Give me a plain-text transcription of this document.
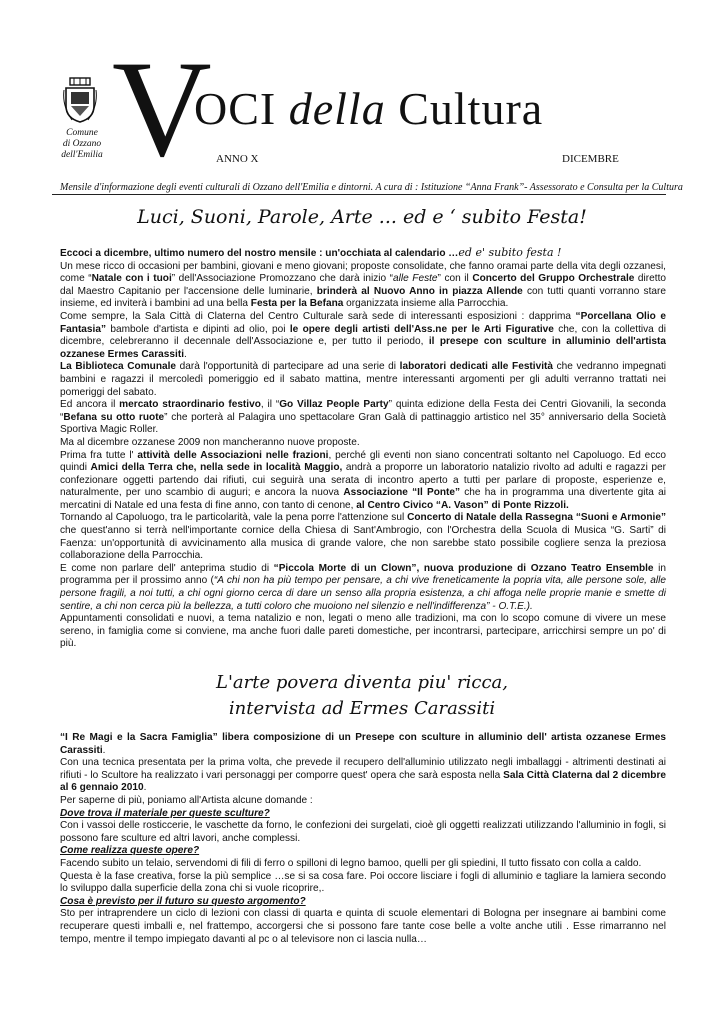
Comune
di Ozzano
dell'Emilia V
OCI della Cultura
ANNO X	DICEMBRE
Mensile d'informazione degli eventi culturali di Ozzano dell'Emilia e dintorni. A cura di : Istituzione “Anna Frank”- Assessorato e Consulta per la Cultura
Luci, Suoni, Parole, Arte ... ed e ‘ subito Festa!

Eccoci a dicembre, ultimo numero del nostro mensile : un'occhiata al calendario …ed e' subito festa !

Un mese ricco di occasioni per bambini, giovani e meno giovani; proposte consolidate, che fanno oramai parte della vita degli ozzanesi, come “Natale con i tuoi” dell'Associazione Promozzano che darà inizio “alle Feste” con il Concerto del Gruppo Orchestrale diretto dal Maestro Capitanio per l'accensione delle luminarie, brinderà al Nuovo Anno in piazza Allende con tutti quanti vorranno stare insieme, ed inviterà i bambini ad una bella Festa per la Befana organizzata insieme alla Parrocchia.

Come sempre, la Sala Città di Claterna del Centro Culturale sarà sede di interessanti esposizioni : dapprima “Porcellana Olio e Fantasia” bambole d'artista e dipinti ad olio, poi le opere degli artisti dell'Ass.ne per le Arti Figurative che, con la collettiva di dicembre, celebreranno il decennale dell'Associazione e, per tutto il periodo, il presepe con sculture in alluminio dell'artista ozzanese Ermes Carassiti.

La Biblioteca Comunale darà l'opportunità di partecipare ad una serie di laboratori dedicati alle Festività che vedranno impegnati bambini e ragazzi il mercoledì pomeriggio ed il sabato mattina, mentre interessanti argomenti per gli adulti verranno trattati nei pomeriggi del sabato.

Ed ancora il mercato straordinario festivo, il “Go Villaz People Party” quinta edizione della Festa dei Centri Giovanili, la seconda “Befana su otto ruote” che porterà al Palagira uno spettacolare Gran Galà di pattinaggio artistico nel 35° anniversario della Società Sportiva Magic Roller.

Ma al dicembre ozzanese 2009 non mancheranno nuove proposte.

Prima fra tutte l' attività delle Associazioni nelle frazioni, perché gli eventi non siano concentrati soltanto nel Capoluogo. Ed ecco quindi Amici della Terra che, nella sede in località Maggio, andrà a proporre un laboratorio natalizio rivolto ad adulti e ragazzi per confezionare oggetti partendo dai rifiuti, cui seguirà una serata di incontro aperto a tutti per parlare di proposte, esperienze e, naturalmente, per uno scambio di auguri; e ancora la nuova Associazione “Il Ponte” che ha in programma una divertente gita ai mercatini di Natale ed una festa di fine anno, con tanto di cenone, al Centro Civico “A. Vason” di Ponte Rizzoli.

Tornando al Capoluogo, tra le particolarità, vale la pena porre l'attenzione sul Concerto di Natale della Rassegna “Suoni e Armonie” che quest'anno si terrà nell'importante cornice della Chiesa di Sant'Ambrogio, con l'Orchestra della Scuola di Musica “G. Sarti” di Faenza: un'opportunità di avvicinamento alla musica di grande valore, che non sarebbe stato possibile cogliere senza la preziosa collaborazione della Parrocchia.

E come non parlare dell' anteprima studio di “Piccola Morte di un Clown”, nuova produzione di Ozzano Teatro Ensemble in programma per il prossimo anno (“A chi non ha più tempo per pensare, a chi vive freneticamente la popria vita, alle persone sole, alle persone fragili, a noi tutti, a chi ogni giorno cerca di dare un senso alla propria esistenza, a chi affoga nelle proprie manie e smette di sentire, a chi non cerca più la bellezza, a tutti coloro che muoiono nel silenzio e nell'indifferenza” - O.T.E.).

Appuntamenti consolidati e nuovi, a tema natalizio e non, legati o meno alle tradizioni, ma con lo scopo comune di vivere un mese sereno, in famiglia come si conviene, ma anche fuori dalle pareti domestiche, per incontrarsi, partecipare, arricchirsi sempre un po' di più.

L'arte povera diventa piu' ricca,
intervista ad Ermes Carassiti

“I Re Magi e la Sacra Famiglia” libera composizione di un Presepe con sculture in alluminio dell' artista ozzanese Ermes Carassiti.

Con una tecnica presentata per la prima volta, che prevede il recupero dell'alluminio utilizzato negli imballaggi - altrimenti destinati ai rifiuti - lo Scultore ha realizzato i vari personaggi per comporre quest' opera che sarà esposta nella Sala Città Claterna dal 2 dicembre al 6 gennaio 2010.

Per saperne di più, poniamo all'Artista alcune domande :

Dove trova il materiale per queste sculture?

Con i vassoi delle rosticcerie, le vaschette da forno, le confezioni dei surgelati, cioè gli oggetti realizzati utilizzando l'alluminio in fogli, si possono fare sculture ed altri lavori, anche complessi.

Come realizza queste opere?

Facendo subito un telaio, servendomi di fili di ferro o spilloni di legno bamoo, quelli per gli spiedini, Il tutto fissato con colla a caldo.

Questa è la fase creativa, forse la più semplice …se si sa cosa fare. Poi occore lisciare i fogli di alluminio e tagliare la lamiera secondo lo sviluppo dalla superficie della zona chi si vuole ricoprire,.

Cosa è previsto per il futuro su questo argomento?

Sto per intraprendere un ciclo di lezioni con classi di quarta e quinta di scuole elementari di Bologna per insegnare ai bambini come recuperare questi imballi e, nel frattempo, accorgersi che si possono fare tante cose belle a volte anche utili . Esse rimarranno nel tempo, mentre il tempo impiegato davanti al pc o al televisore non ci lascia nulla…
